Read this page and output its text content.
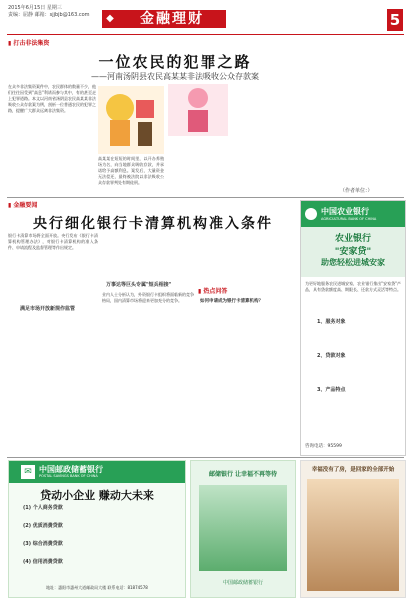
2015年6月15日 星期三
责编：屈静 邮箱：sjjbjb@163.com	◆	金融理财	5
▮ 打击非法集资
一位农民的犯罪之路
——河南汤阴县农民高某某非法吸收公众存款案
在众多非法集资案件中，农民群体的数量不少，他们往往因受到"高息"利诱而参与其中，有的甚至走上犯罪道路。本文以河南省汤阴县农民高某某非法吸收公众存款案为例，剖析一位普通农民的犯罪之路，提醒广大群众远离非法集资。
高某某在短短的时间里，以开办养殖场为名，向当地群众吸收存款，并承诺给予高额利息。案发后，大量资金无法偿还，最终被法院以非法吸收公众存款罪判处有期徒刑。
（作者单位：）
▮ 金融要闻
央行细化银行卡清算机构准入条件
银行卡清算市场将全面开放。央行发布《银行卡清算机构管理办法》，对银行卡清算机构的准入条件、申请流程及监督管理等作出规定。
满足市场开放新规作监管
万事达等巨头专属"短兵相接"
业内人士分析认为，外资银行卡组织将面临新的竞争格局，国内清算市场将迎来更加充分的竞争。
▮ 热点问答
如何申请成为银行卡清算机构？
中国农业银行
AGRICULTURAL BANK OF CHINA
农业银行
"安家贷"
助您轻松进城安家
为更好地服务农民进城安家，农业银行推出"安家贷"产品，具有贷款额度高、期限长、还款方式灵活等特点。
1、服务对象
2、贷款对象
3、产品特点
咨询电话：95599
✉ 中国邮政储蓄银行
POSTAL SAVINGS BANK OF CHINA
贷动小企业 赚动大未来
(1) 个人商务贷款
(2) 优质消费贷款
(3) 综合消费贷款
(4) 信用消费贷款
地址：惠阳市惠州大道邮政局大楼 联系电话：81874578
邮储银行 让幸福不再等待
中国邮政储蓄银行
幸福没有了房，是回家的全部开始
